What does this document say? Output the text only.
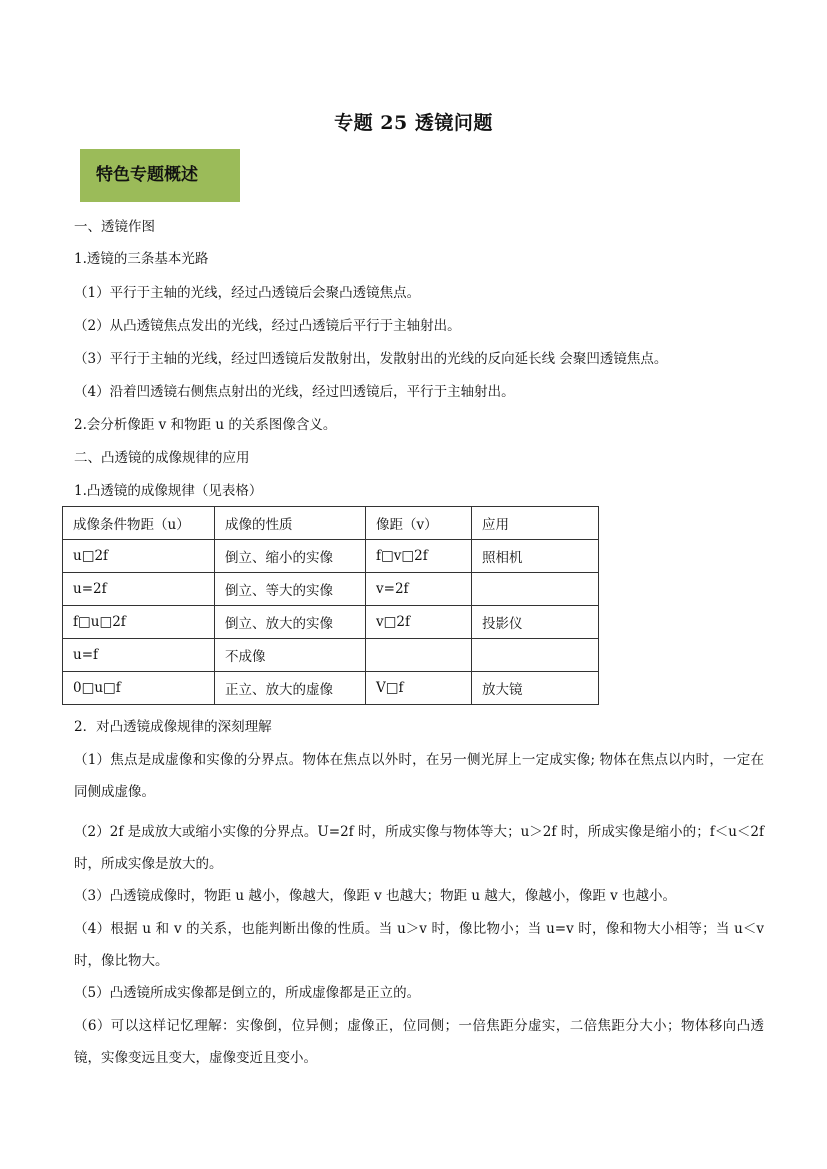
专题 25 透镜问题
特色专题概述
一、透镜作图
1.透镜的三条基本光路
（1）平行于主轴的光线，经过凸透镜后会聚凸透镜焦点。
（2）从凸透镜焦点发出的光线，经过凸透镜后平行于主轴射出。
（3）平行于主轴的光线，经过凹透镜后发散射出，发散射出的光线的反向延长线 会聚凹透镜焦点。
（4）沿着凹透镜右侧焦点射出的光线，经过凹透镜后，平行于主轴射出。
2.会分析像距 v 和物距 u 的关系图像含义。
二、凸透镜的成像规律的应用
1.凸透镜的成像规律（见表格）
成像条件物距（u）	成像的性质	像距（v）	应用
u□2f	倒立、缩小的实像	f□v□2f	照相机
u=2f	倒立、等大的实像	v=2f	
f□u□2f	倒立、放大的实像	v□2f	投影仪
u=f	不成像		
0□u□f	正立、放大的虚像	V□f	放大镜
2．对凸透镜成像规律的深刻理解
（1）焦点是成虚像和实像的分界点。物体在焦点以外时，在另一侧光屏上一定成实像; 物体在焦点以内时，一定在同侧成虚像。
（2）2f 是成放大或缩小实像的分界点。U=2f 时，所成实像与物体等大；u＞2f 时，所成实像是缩小的；f＜u＜2f 时，所成实像是放大的。
（3）凸透镜成像时，物距 u 越小，像越大，像距 v 也越大；物距 u 越大，像越小，像距 v 也越小。
（4）根据 u 和 v 的关系，也能判断出像的性质。当 u＞v 时，像比物小；当 u=v 时，像和物大小相等；当 u＜v 时，像比物大。
（5）凸透镜所成实像都是倒立的，所成虚像都是正立的。
（6）可以这样记忆理解：实像倒，位异侧；虚像正，位同侧；一倍焦距分虚实，二倍焦距分大小；物体移向凸透镜，实像变远且变大，虚像变近且变小。
